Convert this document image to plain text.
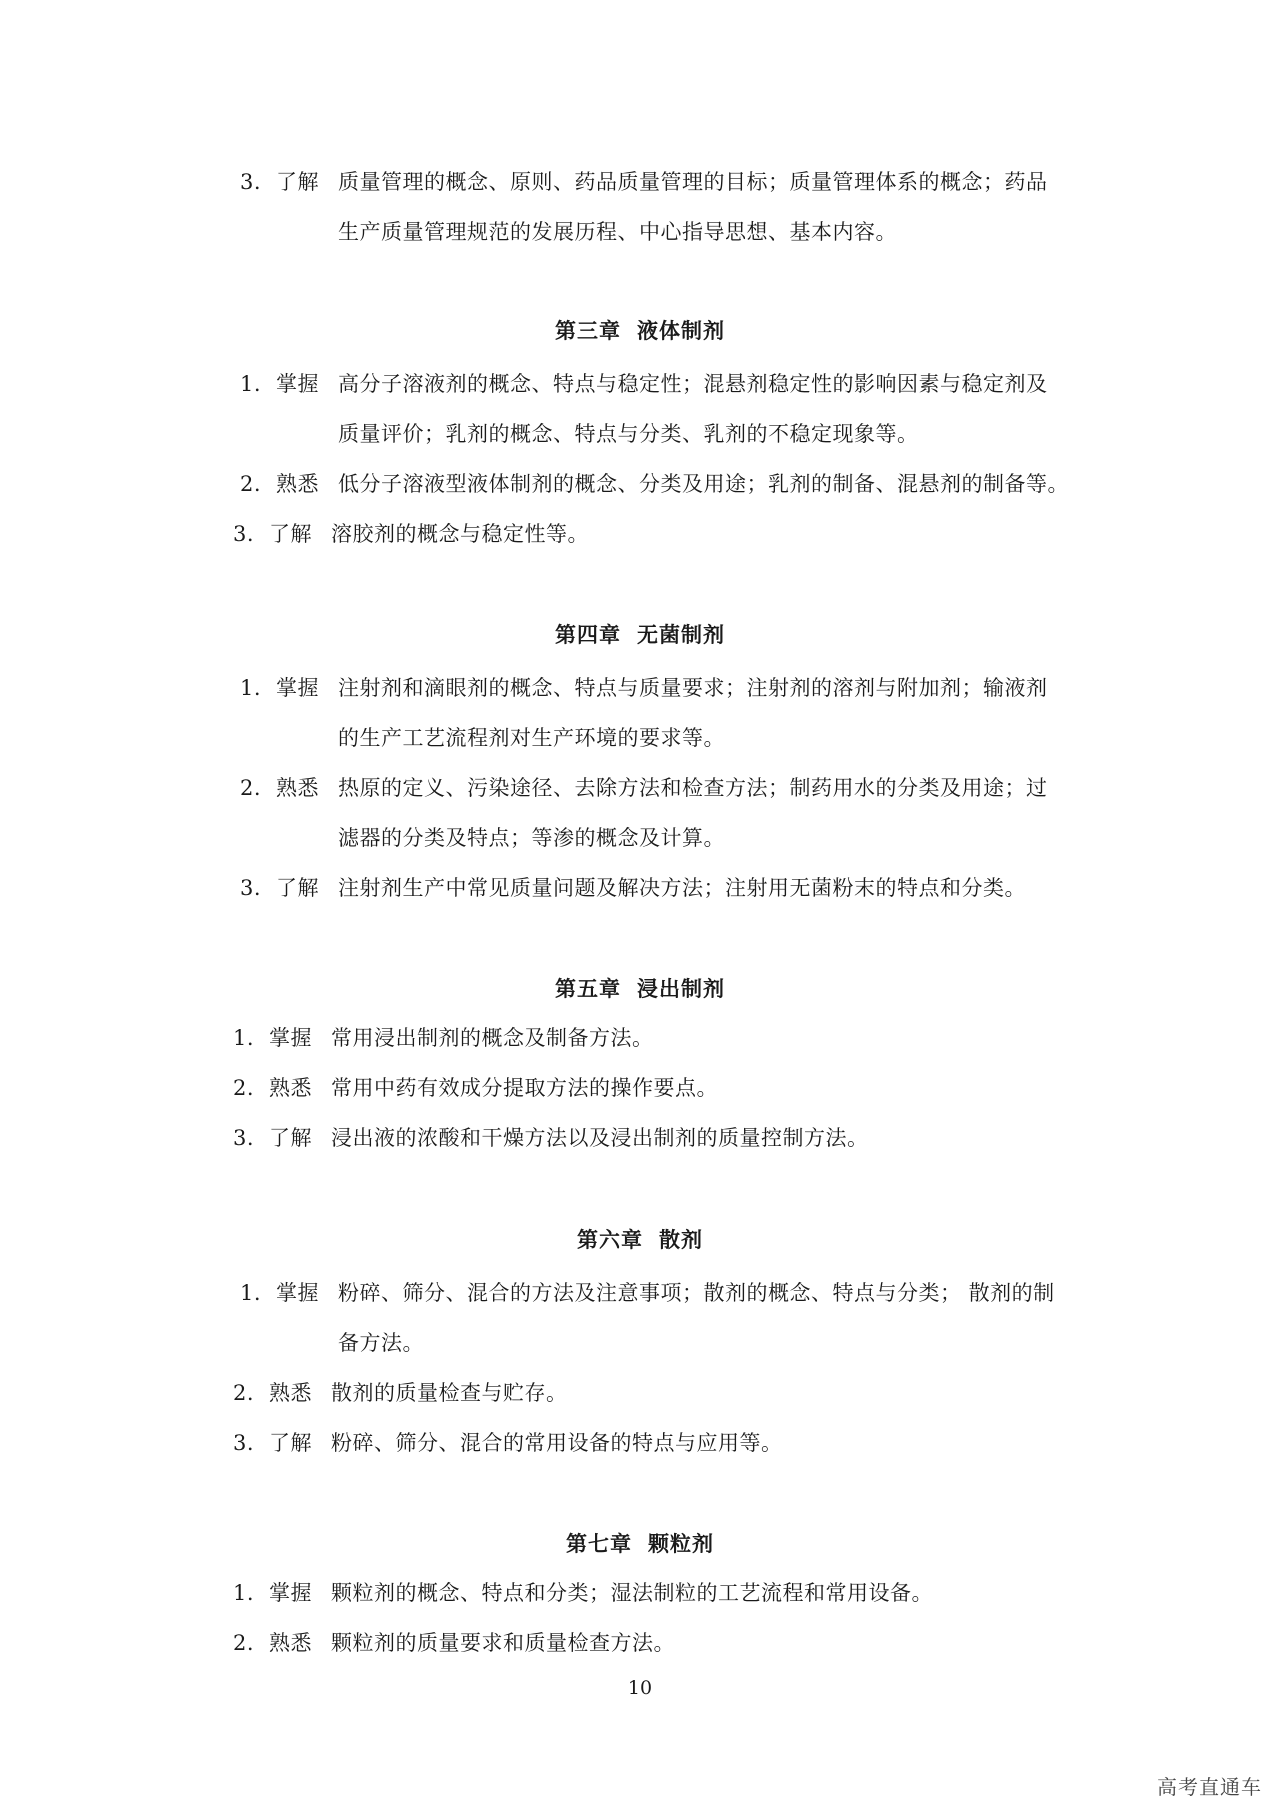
3. 了解 质量管理的概念、原则、药品质量管理的目标；质量管理体系的概念；药品
生产质量管理规范的发展历程、中心指导思想、基本内容。
第三章 液体制剂
1. 掌握 高分子溶液剂的概念、特点与稳定性；混悬剂稳定性的影响因素与稳定剂及
质量评价；乳剂的概念、特点与分类、乳剂的不稳定现象等。
2. 熟悉 低分子溶液型液体制剂的概念、分类及用途；乳剂的制备、混悬剂的制备等。
3. 了解 溶胶剂的概念与稳定性等。
第四章 无菌制剂
1. 掌握 注射剂和滴眼剂的概念、特点与质量要求；注射剂的溶剂与附加剂；输液剂
的生产工艺流程剂对生产环境的要求等。
2. 熟悉 热原的定义、污染途径、去除方法和检查方法；制药用水的分类及用途；过
滤器的分类及特点；等渗的概念及计算。
3. 了解 注射剂生产中常见质量问题及解决方法；注射用无菌粉末的特点和分类。
第五章 浸出制剂
1. 掌握 常用浸出制剂的概念及制备方法。
2. 熟悉 常用中药有效成分提取方法的操作要点。
3. 了解 浸出液的浓酸和干燥方法以及浸出制剂的质量控制方法。
第六章 散剂
1. 掌握 粉碎、筛分、混合的方法及注意事项；散剂的概念、特点与分类； 散剂的制
备方法。
2. 熟悉 散剂的质量检查与贮存。
3. 了解 粉碎、筛分、混合的常用设备的特点与应用等。
第七章 颗粒剂
1. 掌握 颗粒剂的概念、特点和分类；湿法制粒的工艺流程和常用设备。
2. 熟悉 颗粒剂的质量要求和质量检查方法。
10
高考直通车
